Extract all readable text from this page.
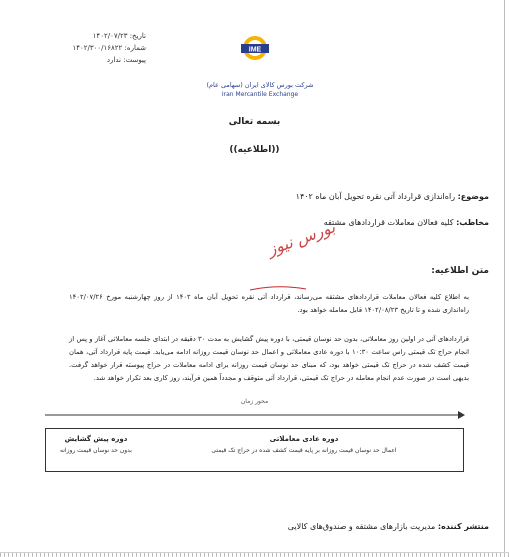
تاریخ: ۱۴۰۲/۰۷/۲۳
شماره: ۱۴۰۲/۳۰۰/۱۶۸۲۲
پیوست: ندارد
IME
شرکت بورس کالای ایران (سهامی عام)
Iran Mercantile Exchange
بسمه تعالی
((اطلاعیه))
موضوع: راه‌اندازی قرارداد آتی نقره تحویل آبان ماه ۱۴۰۲
مخاطب: کلیه فعالان معاملات قراردادهای مشتقه
متن اطلاعیه:
بورس نیوز
به اطلاع کلیه فعالان معاملات قراردادهای مشتقه می‌رساند، قرارداد آتی نقره تحویل آبان ماه ۱۴۰۲ از روز چهارشنبه مورخ ۱۴۰۲/۰۷/۲۶ راه‌اندازی شده و تا تاریخ ۱۴۰۲/۰۸/۲۳ قابل معامله خواهد بود.
قراردادهای آتی در اولین روز معاملاتی، بدون حد نوسان قیمتی، با دوره پیش گشایش به مدت ۳۰ دقیقه در ابتدای جلسه معاملاتی آغاز و پس از انجام حراج تک قیمتی راس ساعت ۱۰:۳۰ با دوره عادی معاملاتی و اعمال حد نوسان قیمت روزانه ادامه می‌یابد. قیمت پایه قرارداد آتی، همان قیمت کشف شده در حراج تک قیمتی خواهد بود، که مبنای حد نوسان قیمت روزانه برای ادامه معاملات در حراج پیوسته قرار خواهد گرفت. بدیهی است در صورت عدم انجام معامله در حراج تک قیمتی، قرارداد آتی متوقف و مجدداً همین فرآیند، روز کاری بعد تکرار خواهد شد.
محور زمان
دوره پیش گشایش
بدون حد نوسان قیمت روزانه
دوره عادی معاملاتی
اعمال حد نوسان قیمت روزانه بر پایه قیمت کشف شده در حراج تک قیمتی
منتشر کننده: مدیریت بازارهای مشتقه و صندوق‌های کالایی
